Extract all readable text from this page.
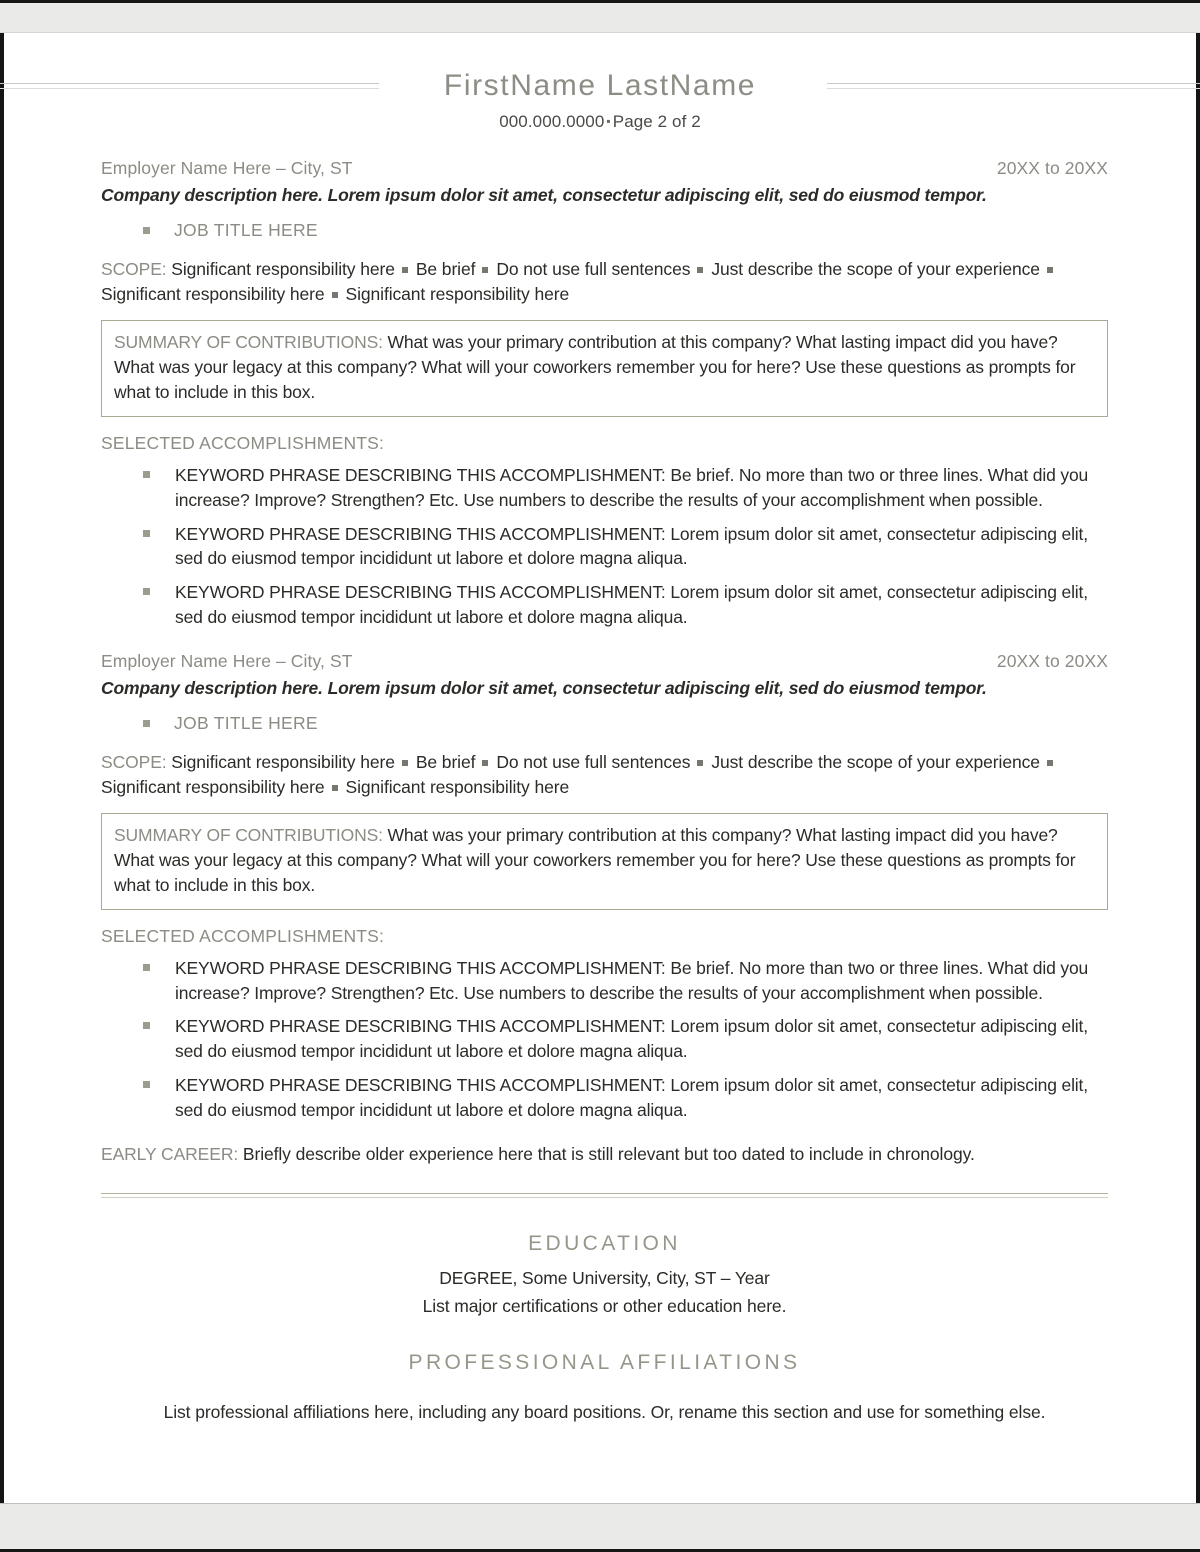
FirstName LastName
000.000.0000 ▪ Page 2 of 2
Employer Name Here – City, ST	20XX to 20XX
Company description here. Lorem ipsum dolor sit amet, consectetur adipiscing elit, sed do eiusmod tempor.
JOB TITLE HERE
SCOPE: Significant responsibility here Be brief Do not use full sentences Just describe the scope of your experienceSignificant responsibility here Significant responsibility here
SUMMARY OF CONTRIBUTIONS: What was your primary contribution at this company? What lasting impact did you have? What was your legacy at this company? What will your coworkers remember you for here? Use these questions as prompts for what to include in this box.
SELECTED ACCOMPLISHMENTS:
KEYWORD PHRASE DESCRIBING THIS ACCOMPLISHMENT: Be brief. No more than two or three lines. What did you increase? Improve? Strengthen? Etc. Use numbers to describe the results of your accomplishment when possible.
KEYWORD PHRASE DESCRIBING THIS ACCOMPLISHMENT: Lorem ipsum dolor sit amet, consectetur adipiscing elit, sed do eiusmod tempor incididunt ut labore et dolore magna aliqua.
KEYWORD PHRASE DESCRIBING THIS ACCOMPLISHMENT: Lorem ipsum dolor sit amet, consectetur adipiscing elit, sed do eiusmod tempor incididunt ut labore et dolore magna aliqua.
Employer Name Here – City, ST	20XX to 20XX
Company description here. Lorem ipsum dolor sit amet, consectetur adipiscing elit, sed do eiusmod tempor.
JOB TITLE HERE
SCOPE: Significant responsibility here Be brief Do not use full sentences Just describe the scope of your experienceSignificant responsibility here Significant responsibility here
SUMMARY OF CONTRIBUTIONS: What was your primary contribution at this company? What lasting impact did you have? What was your legacy at this company? What will your coworkers remember you for here? Use these questions as prompts for what to include in this box.
SELECTED ACCOMPLISHMENTS:
KEYWORD PHRASE DESCRIBING THIS ACCOMPLISHMENT: Be brief. No more than two or three lines. What did you increase? Improve? Strengthen? Etc. Use numbers to describe the results of your accomplishment when possible.
KEYWORD PHRASE DESCRIBING THIS ACCOMPLISHMENT: Lorem ipsum dolor sit amet, consectetur adipiscing elit, sed do eiusmod tempor incididunt ut labore et dolore magna aliqua.
KEYWORD PHRASE DESCRIBING THIS ACCOMPLISHMENT: Lorem ipsum dolor sit amet, consectetur adipiscing elit, sed do eiusmod tempor incididunt ut labore et dolore magna aliqua.
EARLY CAREER: Briefly describe older experience here that is still relevant but too dated to include in chronology.
EDUCATION
DEGREE, Some University, City, ST – Year
List major certifications or other education here.
PROFESSIONAL AFFILIATIONS
List professional affiliations here, including any board positions. Or, rename this section and use for something else.
